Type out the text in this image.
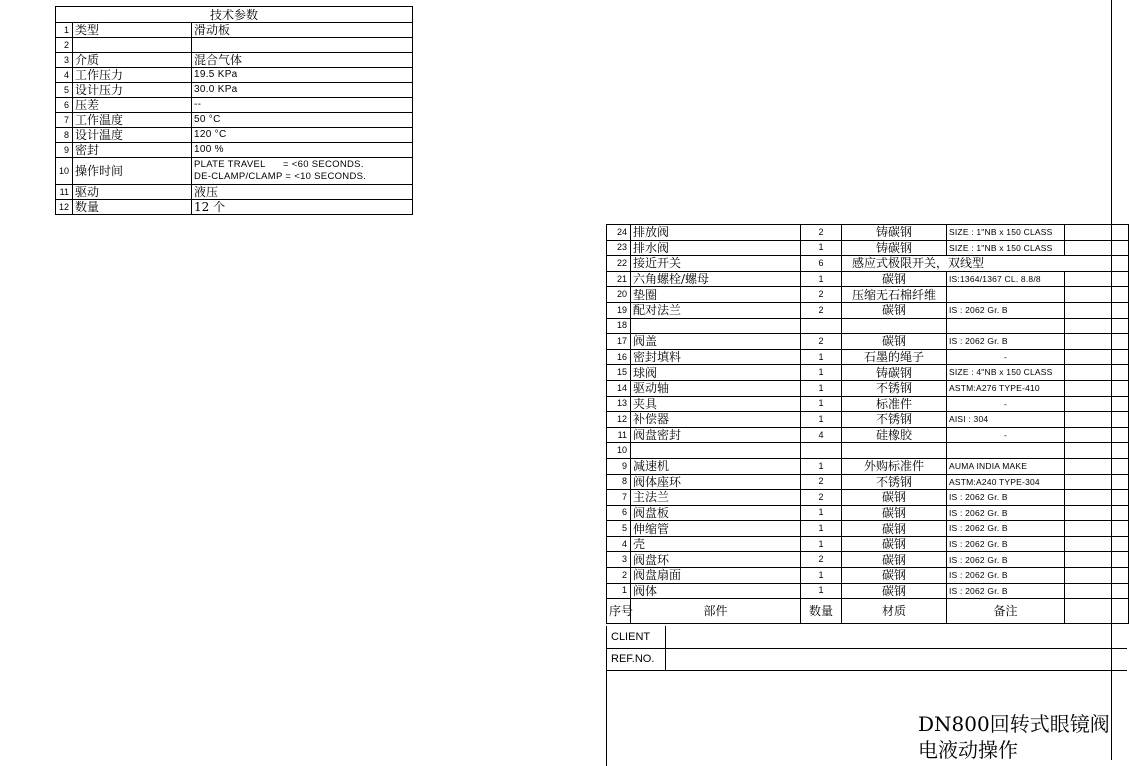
技术参数		
1	类型	滑动板
2		
3	介质	混合气体
4	工作压力	19.5 KPa
5	设计压力	30.0 KPa
6	压差	--
7	工作温度	50 °C
8	设计温度	120 °C
9	密封	100 %
10	操作时间	PLATE TRAVEL      = <60 SECONDS.
DE-CLAMP/CLAMP = <10 SECONDS.
11	驱动	液压
12	数量	12 个
24	排放阀	2	铸碳钢	SIZE : 1"NB x 150 CLASS	
23	排水阀	1	铸碳钢	SIZE : 1"NB x 150 CLASS	
22	接近开关	6	感应式极限开关，双线型		
21	六角螺栓/螺母	1	碳钢	IS:1364/1367 CL. 8.8/8	
20	垫圈	2	压缩无石棉纤维		
19	配对法兰	2	碳钢	IS : 2062 Gr. B	
18					
17	阀盖	2	碳钢	IS : 2062 Gr. B	
16	密封填料	1	石墨的绳子	-	
15	球阀	1	铸碳钢	SIZE : 4"NB x 150 CLASS	
14	驱动轴	1	不锈钢	ASTM:A276 TYPE-410	
13	夹具	1	标准件	-	
12	补偿器	1	不锈钢	AISI : 304	
11	阀盘密封	4	硅橡胶	-	
10					
9	减速机	1	外购标准件	AUMA INDIA MAKE	
8	阀体座环	2	不锈钢	ASTM:A240 TYPE-304	
7	主法兰	2	碳钢	IS : 2062 Gr. B	
6	阀盘板	1	碳钢	IS : 2062 Gr. B	
5	伸缩管	1	碳钢	IS : 2062 Gr. B	
4	壳	1	碳钢	IS : 2062 Gr. B	
3	阀盘环	2	碳钢	IS : 2062 Gr. B	
2	阀盘扇面	1	碳钢	IS : 2062 Gr. B	
1	阀体	1	碳钢	IS : 2062 Gr. B	
序号	部件	数量	材质	备注	
CLIENT
REF.NO.
DN800回转式眼镜阀
电液动操作
